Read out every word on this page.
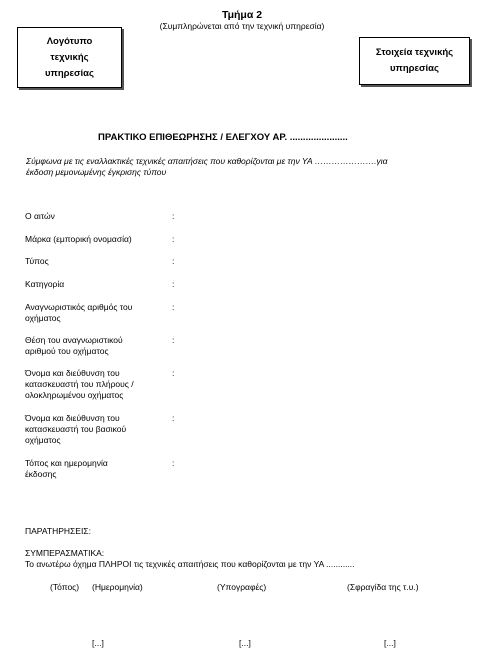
Τμήμα 2
(Συμπληρώνεται από την τεχνική υπηρεσία)
Λογότυπο
τεχνικής
υπηρεσίας
Στοιχεία τεχνικής
υπηρεσίας
ΠΡΑΚΤΙΚΟ ΕΠΙΘΕΩΡΗΣΗΣ / ΕΛΕΓΧΟΥ ΑΡ. ......................
Σύμφωνα με τις εναλλακτικές τεχνικές απαιτήσεις που καθορίζονται με την ΥΑ ………………….για
έκδοση μεμονωμένης έγκρισης τύπου
Ο αιτών	:
Μάρκα (εμπορική ονομασία)	:
Τύπος	:
Κατηγορία	:
Αναγνωριστικός αριθμός του
οχήματος
:
Θέση του αναγνωριστικού
αριθμού του οχήματος
:
Όνομα και διεύθυνση του
κατασκευαστή του πλήρους /
ολοκληρωμένου οχήματος
:
Όνομα και διεύθυνση του
κατασκευαστή του βασικού
οχήματος
:
Τόπος και ημερομηνία
έκδοσης
:
ΠΑΡΑΤΗΡΗΣΕΙΣ:
ΣΥΜΠΕΡΑΣΜΑΤΙΚΑ:
Το ανωτέρω όχημα ΠΛΗΡΟΙ τις τεχνικές απαιτήσεις που καθορίζονται με την ΥΑ ............
(Τόπος) (Ημερομηνία)	(Υπογραφές)	(Σφραγίδα της τ.υ.)
[...]	[...]	[...]
